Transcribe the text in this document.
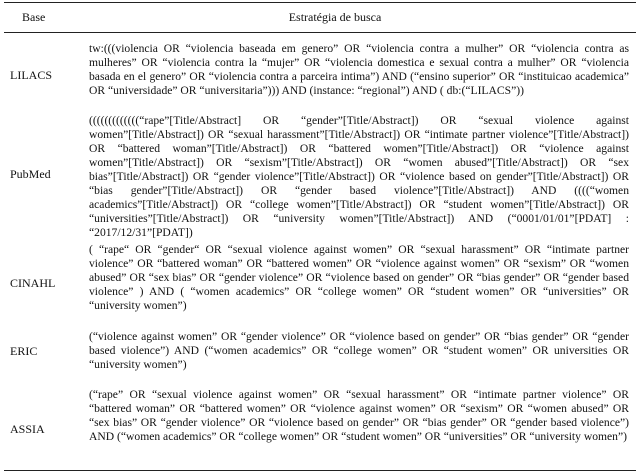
Base	Estratégia de busca
LILACS
tw:(((violencia OR “violencia baseada em genero” OR “violencia contra a mulher” OR “violencia contra as mulheres” OR “violencia contra la “mujer” OR “violencia domestica e sexual contra a mulher” OR “violencia basada en el genero” OR “violencia contra a parceira intima”) AND (“ensino superior” OR “instituicao academica” OR “universidade” OR “universitaria”))) AND (instance: “regional”) AND ( db:(“LILACS”))
PubMed
(((((((((((((“rape”[Title/Abstract] OR “gender”[Title/Abstract]) OR “sexual violence against women”[Title/Abstract]) OR “sexual harassment”[Title/Abstract]) OR “intimate partner violence”[Title/Abstract]) OR “battered woman”[Title/Abstract]) OR “battered women”[Title/Abstract]) OR “violence against women”[Title/Abstract]) OR “sexism”[Title/Abstract]) OR “women abused”[Title/Abstract]) OR “sex bias”[Title/Abstract]) OR “gender violence”[Title/Abstract]) OR “violence based on gender”[Title/Abstract]) OR “bias gender”[Title/Abstract]) OR “gender based violence”[Title/Abstract]) AND ((((“women academics”[Title/Abstract]) OR “college women”[Title/Abstract]) OR “student women”[Title/Abstract]) OR “universities”[Title/Abstract]) OR “university women”[Title/Abstract]) AND (“0001/01/01”[PDAT] : “2017/12/31”[PDAT])
CINAHL
( “rape“ OR “gender“ OR “sexual violence against women” OR “sexual harassment” OR “intimate partner violence” OR “battered woman” OR “battered women” OR “violence against women” OR “sexism” OR “women abused” OR “sex bias” OR “gender violence” OR “violence based on gender” OR “bias gender” OR “gender based violence” ) AND ( “women academics” OR “college women” OR “student women” OR “universities” OR “university women”)
ERIC
(“violence against women” OR “gender violence” OR “violence based on gender” OR “bias gender” OR “gender based violence”) AND (“women academics” OR “college women” OR “student women” OR universities OR “university women”)
ASSIA
(“rape” OR “sexual violence against women” OR “sexual harassment” OR “intimate partner violence” OR “battered woman” OR “battered women” OR “violence against women” OR “sexism” OR “women abused” OR “sex bias” OR “gender violence” OR “violence based on gender” OR “bias gender” OR “gender based violence”) AND (“women academics” OR “college women” OR “student women” OR “universities” OR “university women”)
